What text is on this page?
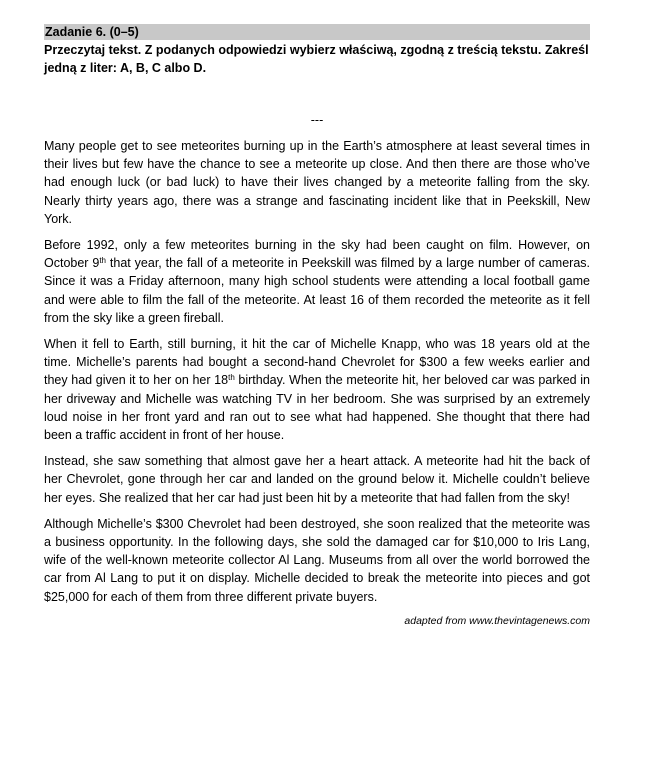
Zadanie 6. (0–5)
Przeczytaj tekst. Z podanych odpowiedzi wybierz właściwą, zgodną z treścią tekstu. Zakreśl jedną z liter: A, B, C albo D.
---

Many people get to see meteorites burning up in the Earth’s atmosphere at least several times in their lives but few have the chance to see a meteorite up close. And then there are those who’ve had enough luck (or bad luck) to have their lives changed by a meteorite falling from the sky. Nearly thirty years ago, there was a strange and fascinating incident like that in Peekskill, New York.

Before 1992, only a few meteorites burning in the sky had been caught on film. However, on October 9th that year, the fall of a meteorite in Peekskill was filmed by a large number of cameras. Since it was a Friday afternoon, many high school students were attending a local football game and were able to film the fall of the meteorite. At least 16 of them recorded the meteorite as it fell from the sky like a green fireball.

When it fell to Earth, still burning, it hit the car of Michelle Knapp, who was 18 years old at the time. Michelle’s parents had bought a second-hand Chevrolet for $300 a few weeks earlier and they had given it to her on her 18th birthday. When the meteorite hit, her beloved car was parked in her driveway and Michelle was watching TV in her bedroom. She was surprised by an extremely loud noise in her front yard and ran out to see what had happened. She thought that there had been a traffic accident in front of her house.

Instead, she saw something that almost gave her a heart attack. A meteorite had hit the back of her Chevrolet, gone through her car and landed on the ground below it. Michelle couldn’t believe her eyes. She realized that her car had just been hit by a meteorite that had fallen from the sky!

Although Michelle’s $300 Chevrolet had been destroyed, she soon realized that the meteorite was a business opportunity. In the following days, she sold the damaged car for $10,000 to Iris Lang, wife of the well-known meteorite collector Al Lang. Museums from all over the world borrowed the car from Al Lang to put it on display. Michelle decided to break the meteorite into pieces and got $25,000 for each of them from three different private buyers.

adapted from www.thevintagenews.com
